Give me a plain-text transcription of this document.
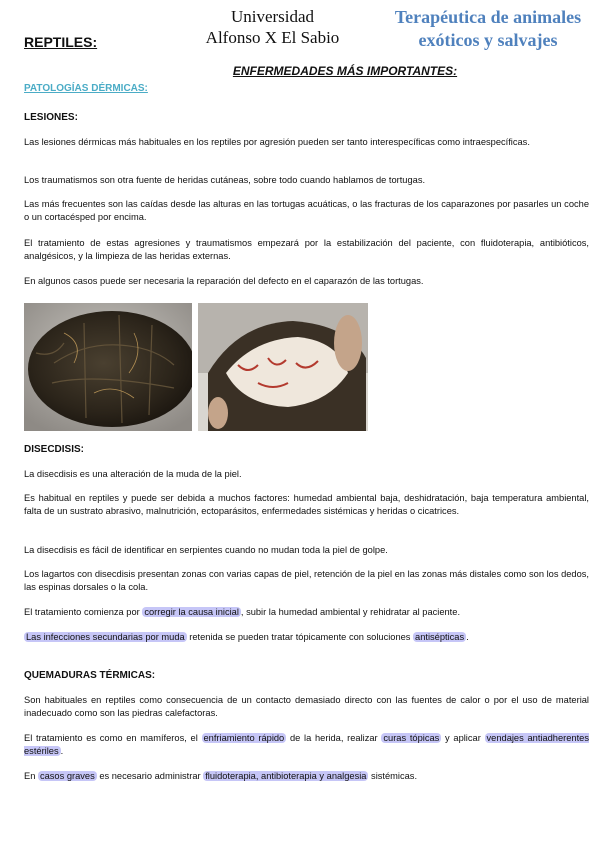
Universidad
Alfonso X El Sabio
Terapéutica de animales
exóticos y salvajes
REPTILES:
ENFERMEDADES MÁS IMPORTANTES:
PATOLOGÍAS DÉRMICAS:
LESIONES:
Las lesiones dérmicas más habituales en los reptiles por agresión pueden ser tanto interespecíficas como intraespecíficas.
Los traumatismos son otra fuente de heridas cutáneas, sobre todo cuando hablamos de tortugas.
Las más frecuentes son las caídas desde las alturas en las tortugas acuáticas, o las fracturas de los caparazones por pasarles un coche o un cortacésped por encima.
El tratamiento de estas agresiones y traumatismos empezará por la estabilización del paciente, con fluidoterapia, antibióticos, analgésicos, y la limpieza de las heridas externas.
En algunos casos puede ser necesaria la reparación del defecto en el caparazón de las tortugas.
DISECDISIS:
La disecdisis es una alteración de la muda de la piel.
Es habitual en reptiles y puede ser debida a muchos factores: humedad ambiental baja, deshidratación, baja temperatura ambiental, falta de un sustrato abrasivo, malnutrición, ectoparásitos, enfermedades sistémicas y heridas o cicatrices.
La disecdisis es fácil de identificar en serpientes cuando no mudan toda la piel de golpe.
Los lagartos con disecdisis presentan zonas con varias capas de piel, retención de la piel en las zonas más distales como son los dedos, las espinas dorsales o la cola.
El tratamiento comienza por corregir la causa inicial , subir la humedad ambiental y rehidratar al paciente.
Las infecciones secundarias por muda retenida se pueden tratar tópicamente con soluciones antisépticas .
QUEMADURAS TÉRMICAS:
Son habituales en reptiles como consecuencia de un contacto demasiado directo con las fuentes de calor o por el uso de material inadecuado como son las piedras calefactoras.
El tratamiento es como en mamíferos, el enfriamiento rápido de la herida, realizar curas tópicas y aplicar vendajes antiadherentes estériles .
En casos graves es necesario administrar fluidoterapia, antibioterapia y analgesia sistémicas.
